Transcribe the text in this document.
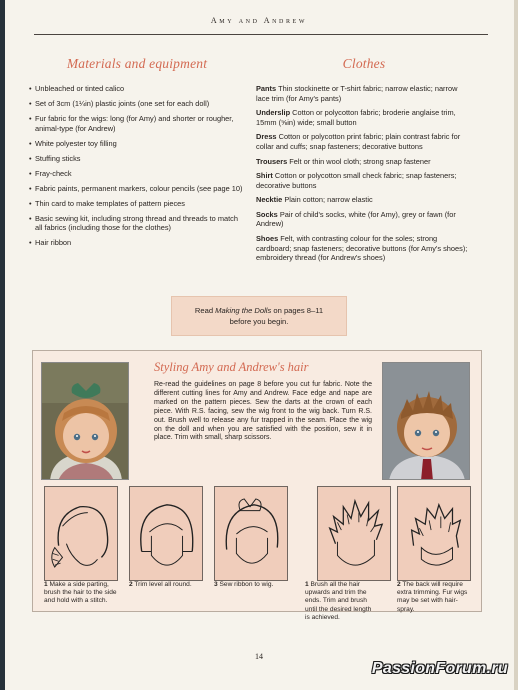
Amy and Andrew
Materials and equipment
• Unbleached or tinted calico
• Set of 3cm (1¼in) plastic joints (one set for each doll)
• Fur fabric for the wigs: long (for Amy) and shorter or rougher, animal-type (for Andrew)
• White polyester toy filling
• Stuffing sticks
• Fray-check
• Fabric paints, permanent markers, colour pencils (see page 10)
• Thin card to make templates of pattern pieces
• Basic sewing kit, including strong thread and threads to match all fabrics (including those for the clothes)
• Hair ribbon
Clothes
Pants Thin stockinette or T-shirt fabric; narrow elastic; narrow lace trim (for Amy's pants)
Underslip Cotton or polycotton fabric; broderie anglaise trim, 15mm (⅝in) wide; small button
Dress Cotton or polycotton print fabric; plain contrast fabric for collar and cuffs; snap fasteners; decorative buttons
Trousers Felt or thin wool cloth; strong snap fastener
Shirt Cotton or polycotton small check fabric; snap fasteners; decorative buttons
Necktie Plain cotton; narrow elastic
Socks Pair of child's socks, white (for Amy), grey or fawn (for Andrew)
Shoes Felt, with contrasting colour for the soles; strong cardboard; snap fasteners; decorative buttons (for Amy's shoes); embroidery thread (for Andrew's shoes)
Read Making the Dolls on pages 8–11
before you begin.
Styling Amy and Andrew's hair
Re-read the guidelines on page 8 before you cut fur fabric. Note the different cutting lines for Amy and Andrew. Face edge and nape are marked on the pattern pieces. Sew the darts at the crown of each piece. With R.S. facing, sew the wig front to the wig back. Turn R.S. out. Brush well to release any fur trapped in the seam. Place the wig on the doll and when you are satisfied with the position, sew it in place. Trim with small, sharp scissors.
1 Make a side parting, brush the hair to the side and hold with a stitch.
2 Trim level all round.	3 Sew ribbon to wig.	1 Brush all the hair upwards and trim the ends. Trim and brush until the desired length is achieved.
2 The back will require extra trimming. Fur wigs may be set with hair-spray.
14
PassionForum.ru
